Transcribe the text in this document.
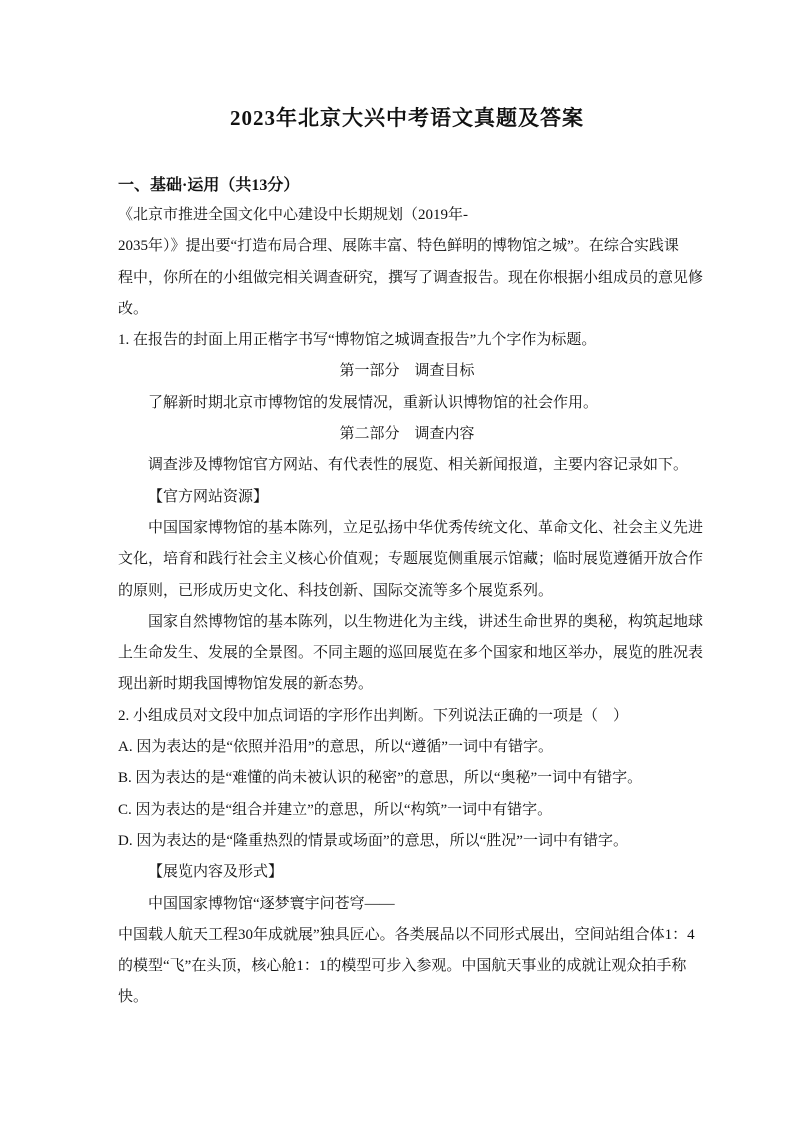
2023年北京大兴中考语文真题及答案
一、基础·运用（共13分）
《北京市推进全国文化中心建设中长期规划（2019年-
2035年）》提出要“打造布局合理、展陈丰富、特色鲜明的博物馆之城”。在综合实践课
程中，你所在的小组做完相关调查研究，撰写了调查报告。现在你根据小组成员的意见修
改。
1. 在报告的封面上用正楷字书写“博物馆之城调查报告”九个字作为标题。
第一部分　调查目标
了解新时期北京市博物馆的发展情况，重新认识博物馆的社会作用。
第二部分　调查内容
调查涉及博物馆官方网站、有代表性的展览、相关新闻报道，主要内容记录如下。
【官方网站资源】
中国国家博物馆的基本陈列，立足弘扬中华优秀传统文化、革命文化、社会主义先进
文化，培育和践行社会主义核心价值观；专题展览侧重展示馆藏；临时展览遵循开放合作
的原则，已形成历史文化、科技创新、国际交流等多个展览系列。
国家自然博物馆的基本陈列，以生物进化为主线，讲述生命世界的奥秘，构筑起地球
上生命发生、发展的全景图。不同主题的巡回展览在多个国家和地区举办，展览的胜况表
现出新时期我国博物馆发展的新态势。
2. 小组成员对文段中加点词语的字形作出判断。下列说法正确的一项是（　）
A. 因为表达的是“依照并沿用”的意思，所以“遵循”一词中有错字。
B. 因为表达的是“难懂的尚未被认识的秘密”的意思，所以“奥秘”一词中有错字。
C. 因为表达的是“组合并建立”的意思，所以“构筑”一词中有错字。
D. 因为表达的是“隆重热烈的情景或场面”的意思，所以“胜况”一词中有错字。
【展览内容及形式】
中国国家博物馆“逐梦寰宇问苍穹——
中国载人航天工程30年成就展”独具匠心。各类展品以不同形式展出，空间站组合体1：4
的模型“飞”在头顶，核心舱1：1的模型可步入参观。中国航天事业的成就让观众拍手称
快。
